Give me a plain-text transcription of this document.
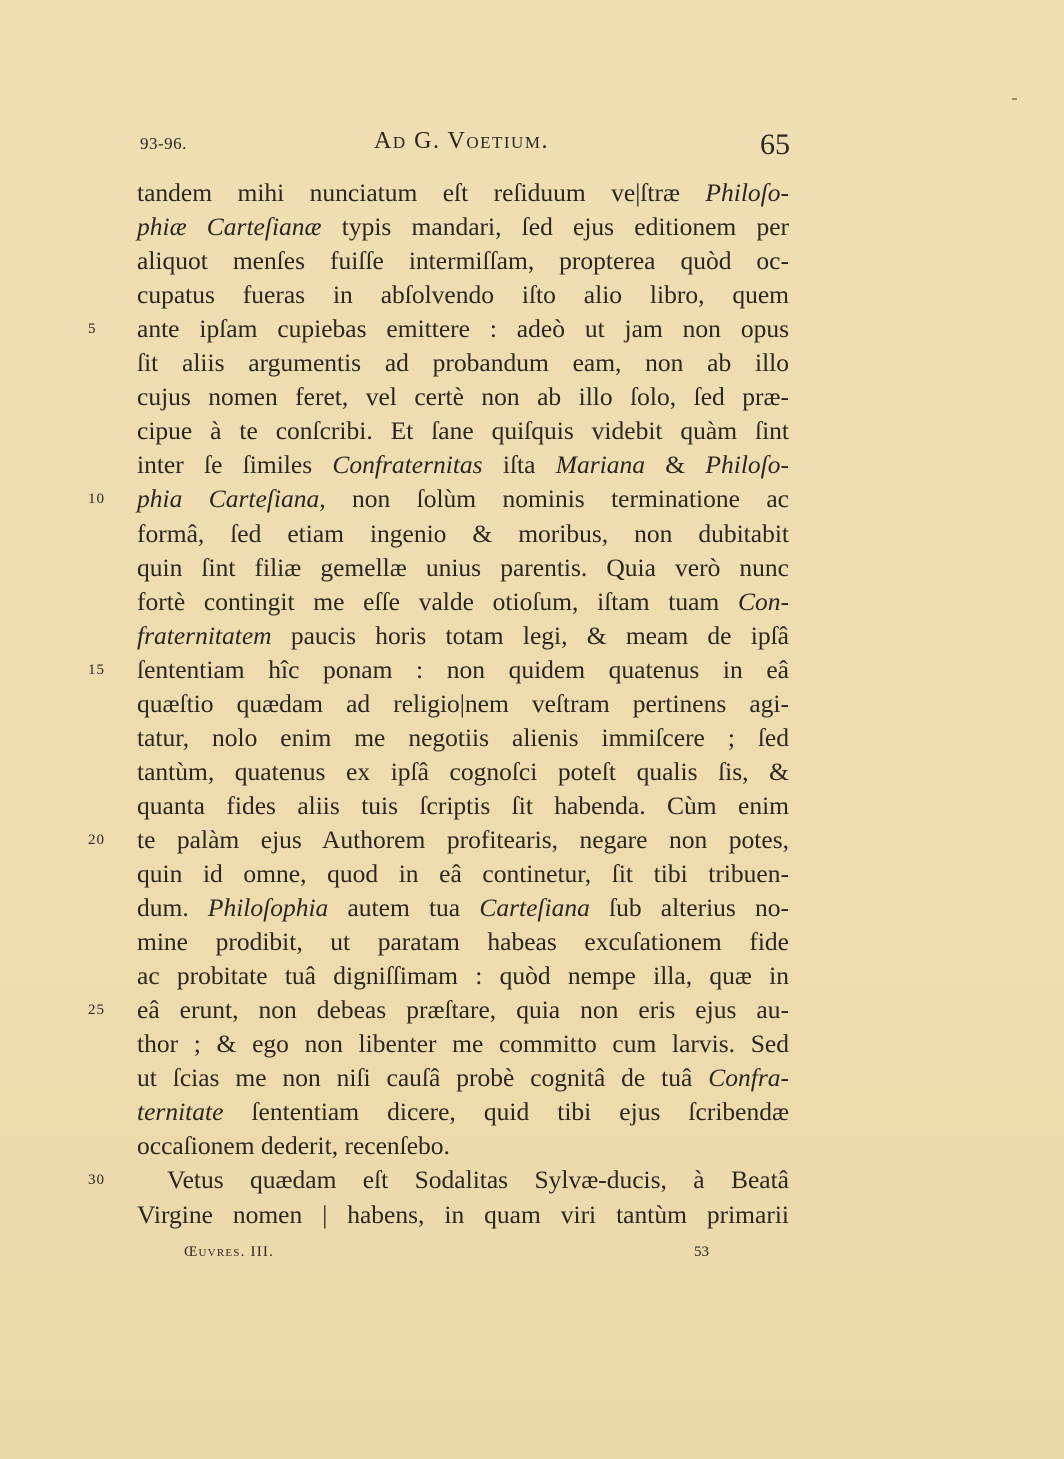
93-96.	Ad G. Voetium.	65
tandem mihi nunciatum eſt reſiduum ve|ſtræ Philoſo-
phiæ Carteſianæ typis mandari, ſed ejus editionem per
aliquot menſes fuiſſe intermiſſam, propterea quòd oc-
cupatus fueras in abſolvendo iſto alio libro, quem
ante ipſam cupiebas emittere : adeò ut jam non opus
ſit aliis argumentis ad probandum eam, non ab illo
cujus nomen feret, vel certè non ab illo ſolo, ſed præ-
cipue à te conſcribi. Et ſane quiſquis videbit quàm ſint
inter ſe ſimiles Confraternitas iſta Mariana & Philoſo-
phia Carteſiana, non ſolùm nominis terminatione ac
formâ, ſed etiam ingenio & moribus, non dubitabit
quin ſint filiæ gemellæ unius parentis. Quia verò nunc
fortè contingit me eſſe valde otioſum, iſtam tuam Con-
fraternitatem paucis horis totam legi, & meam de ipſâ
ſententiam hîc ponam : non quidem quatenus in eâ
quæſtio quædam ad religio|nem veſtram pertinens agi-
tatur, nolo enim me negotiis alienis immiſcere ; ſed
tantùm, quatenus ex ipſâ cognoſci poteſt qualis ſis, &
quanta fides aliis tuis ſcriptis ſit habenda. Cùm enim
te palàm ejus Authorem profitearis, negare non potes,
quin id omne, quod in eâ continetur, ſit tibi tribuen-
dum. Philoſophia autem tua Carteſiana ſub alterius no-
mine prodibit, ut paratam habeas excuſationem fide
ac probitate tuâ digniſſimam : quòd nempe illa, quæ in
eâ erunt, non debeas præſtare, quia non eris ejus au-
thor ; & ego non libenter me committo cum larvis. Sed
ut ſcias me non niſi cauſâ probè cognitâ de tuâ Confra-
ternitate ſententiam dicere, quid tibi ejus ſcribendæ
occaſionem dederit, recenſebo.
Vetus quædam eſt Sodalitas Sylvæ-ducis, à Beatâ
Virgine nomen | habens, in quam viri tantùm primarii
5
10
15
20
25
30
Œuvres. III.	53
